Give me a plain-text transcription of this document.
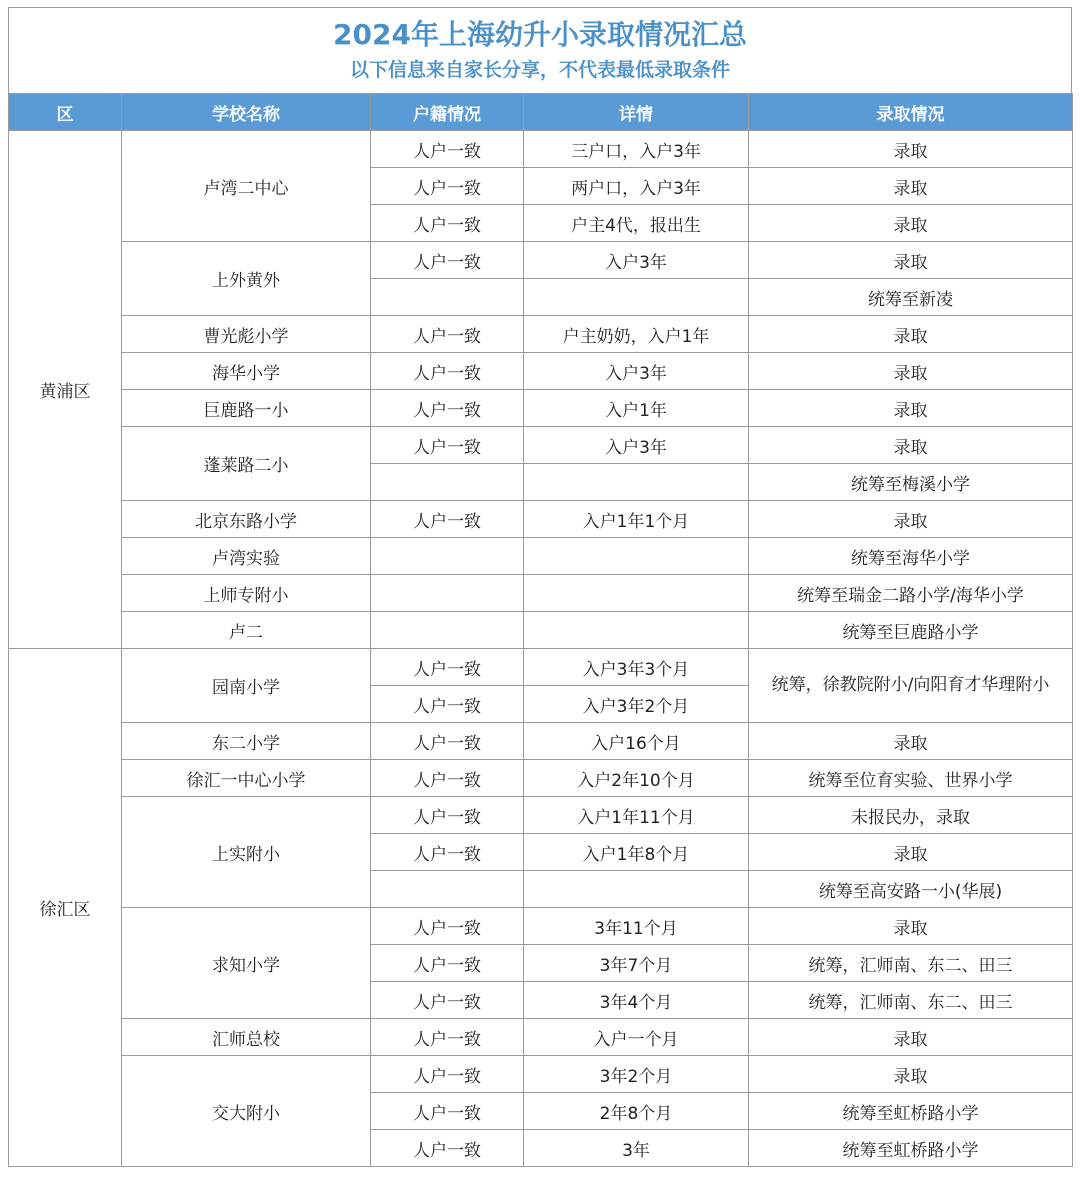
2024年上海幼升小录取情况汇总
以下信息来自家长分享，不代表最低录取条件
区	学校名称	户籍情况	详情	录取情况
黄浦区	卢湾二中心	人户一致	三户口，入户3年	录取
		人户一致	两户口，入户3年	录取
		人户一致	户主4代，报出生	录取
	上外黄外	人户一致	入户3年	录取
				统筹至新凌
	曹光彪小学	人户一致	户主奶奶，入户1年	录取
	海华小学	人户一致	入户3年	录取
	巨鹿路一小	人户一致	入户1年	录取
	蓬莱路二小	人户一致	入户3年	录取
				统筹至梅溪小学
	北京东路小学	人户一致	入户1年1个月	录取
	卢湾实验			统筹至海华小学
	上师专附小			统筹至瑞金二路小学/海华小学
	卢二			统筹至巨鹿路小学
徐汇区	园南小学	人户一致	入户3年3个月	统筹，徐教院附小/向阳育才华理附小
		人户一致	入户3年2个月	
	东二小学	人户一致	入户16个月	录取
	徐汇一中心小学	人户一致	入户2年10个月	统筹至位育实验、世界小学
	上实附小	人户一致	入户1年11个月	未报民办，录取
		人户一致	入户1年8个月	录取
				统筹至高安路一小(华展)
	求知小学	人户一致	3年11个月	录取
		人户一致	3年7个月	统筹，汇师南、东二、田三
		人户一致	3年4个月	统筹，汇师南、东二、田三
	汇师总校	人户一致	入户一个月	录取
	交大附小	人户一致	3年2个月	录取
		人户一致	2年8个月	统筹至虹桥路小学
		人户一致	3年	统筹至虹桥路小学
